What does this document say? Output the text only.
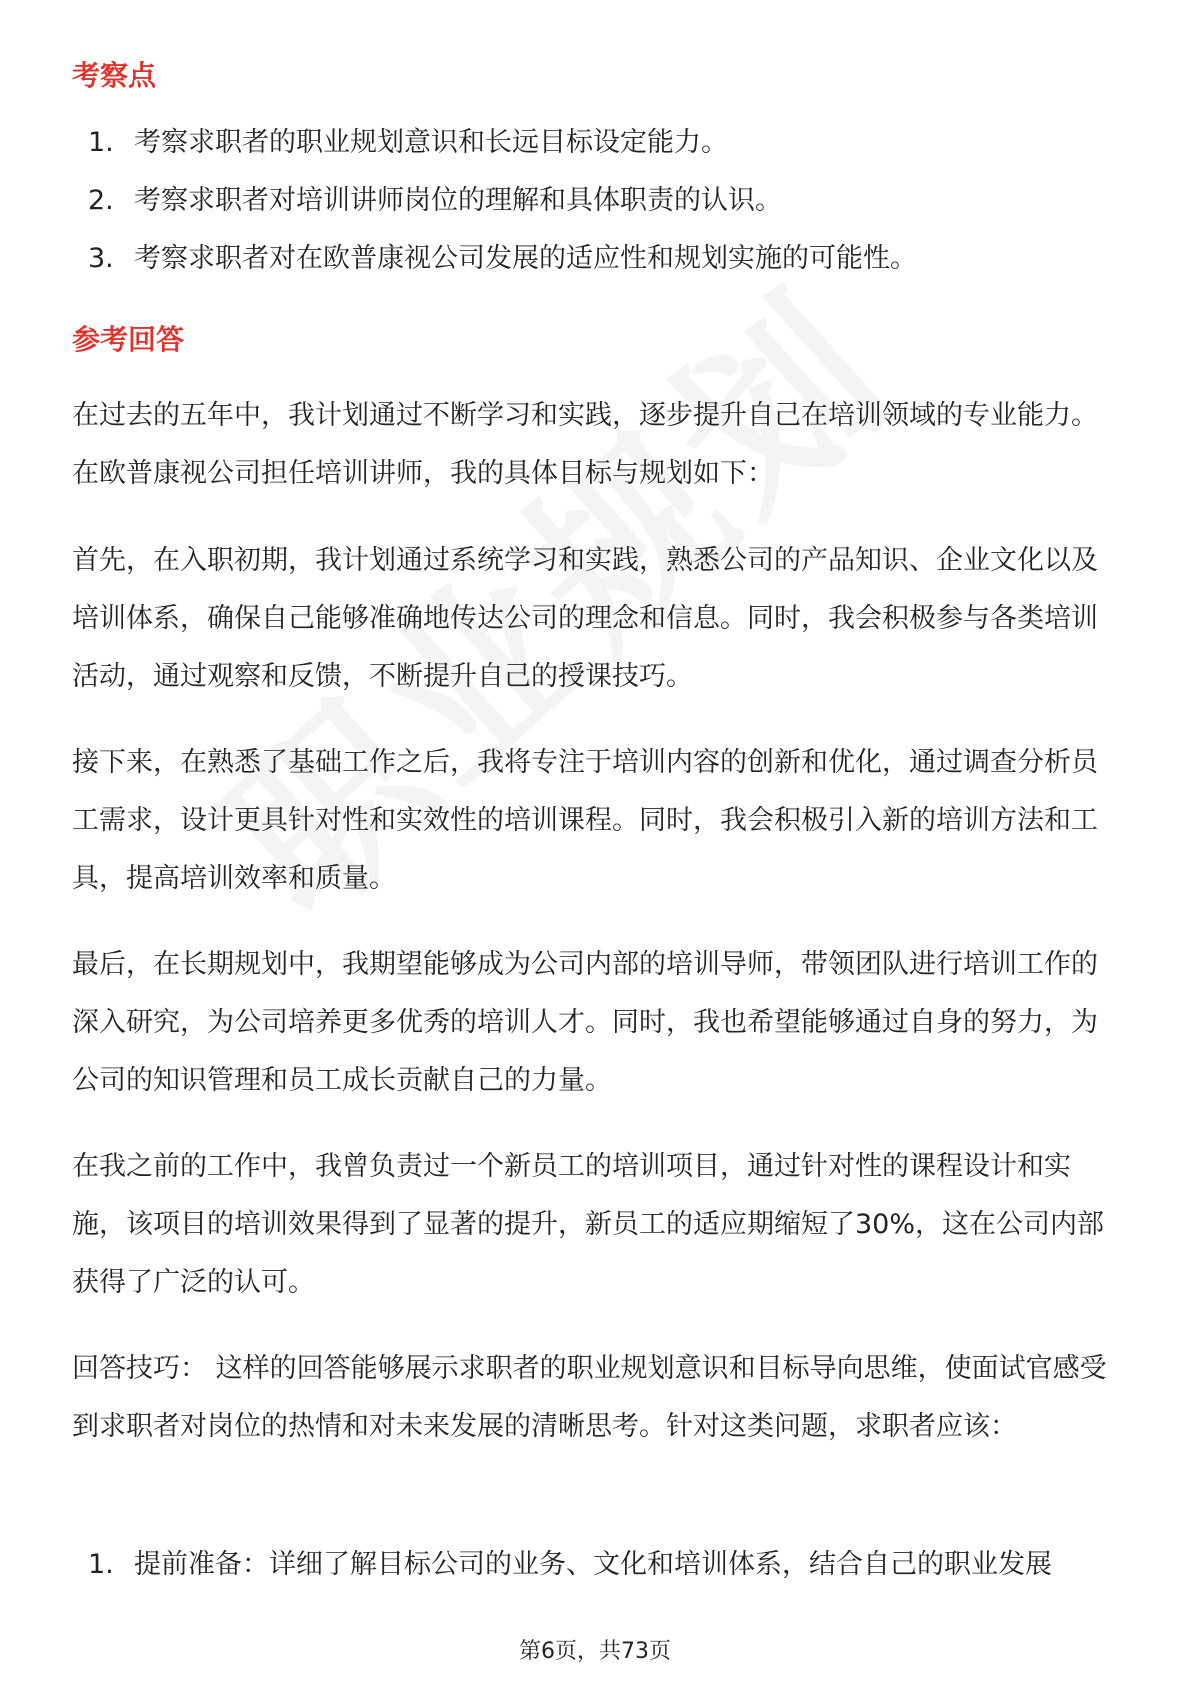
考察点
1. 考察求职者的职业规划意识和长远目标设定能力。
2. 考察求职者对培训讲师岗位的理解和具体职责的认识。
3. 考察求职者对在欧普康视公司发展的适应性和规划实施的可能性。
参考回答

在过去的五年中，我计划通过不断学习和实践，逐步提升自己在培训领域的专业能力。在欧普康视公司担任培训讲师，我的具体目标与规划如下：

首先，在入职初期，我计划通过系统学习和实践，熟悉公司的产品知识、企业文化以及培训体系，确保自己能够准确地传达公司的理念和信息。同时，我会积极参与各类培训活动，通过观察和反馈，不断提升自己的授课技巧。

接下来，在熟悉了基础工作之后，我将专注于培训内容的创新和优化，通过调查分析员工需求，设计更具针对性和实效性的培训课程。同时，我会积极引入新的培训方法和工具，提高培训效率和质量。

最后，在长期规划中，我期望能够成为公司内部的培训导师，带领团队进行培训工作的深入研究，为公司培养更多优秀的培训人才。同时，我也希望能够通过自身的努力，为公司的知识管理和员工成长贡献自己的力量。

在我之前的工作中，我曾负责过一个新员工的培训项目，通过针对性的课程设计和实施，该项目的培训效果得到了显著的提升，新员工的适应期缩短了30%，这在公司内部获得了广泛的认可。

回答技巧： 这样的回答能够展示求职者的职业规划意识和目标导向思维，使面试官感受到求职者对岗位的热情和对未来发展的清晰思考。针对这类问题，求职者应该：

1. 提前准备：详细了解目标公司的业务、文化和培训体系，结合自己的职业发展
第6页，共73页
